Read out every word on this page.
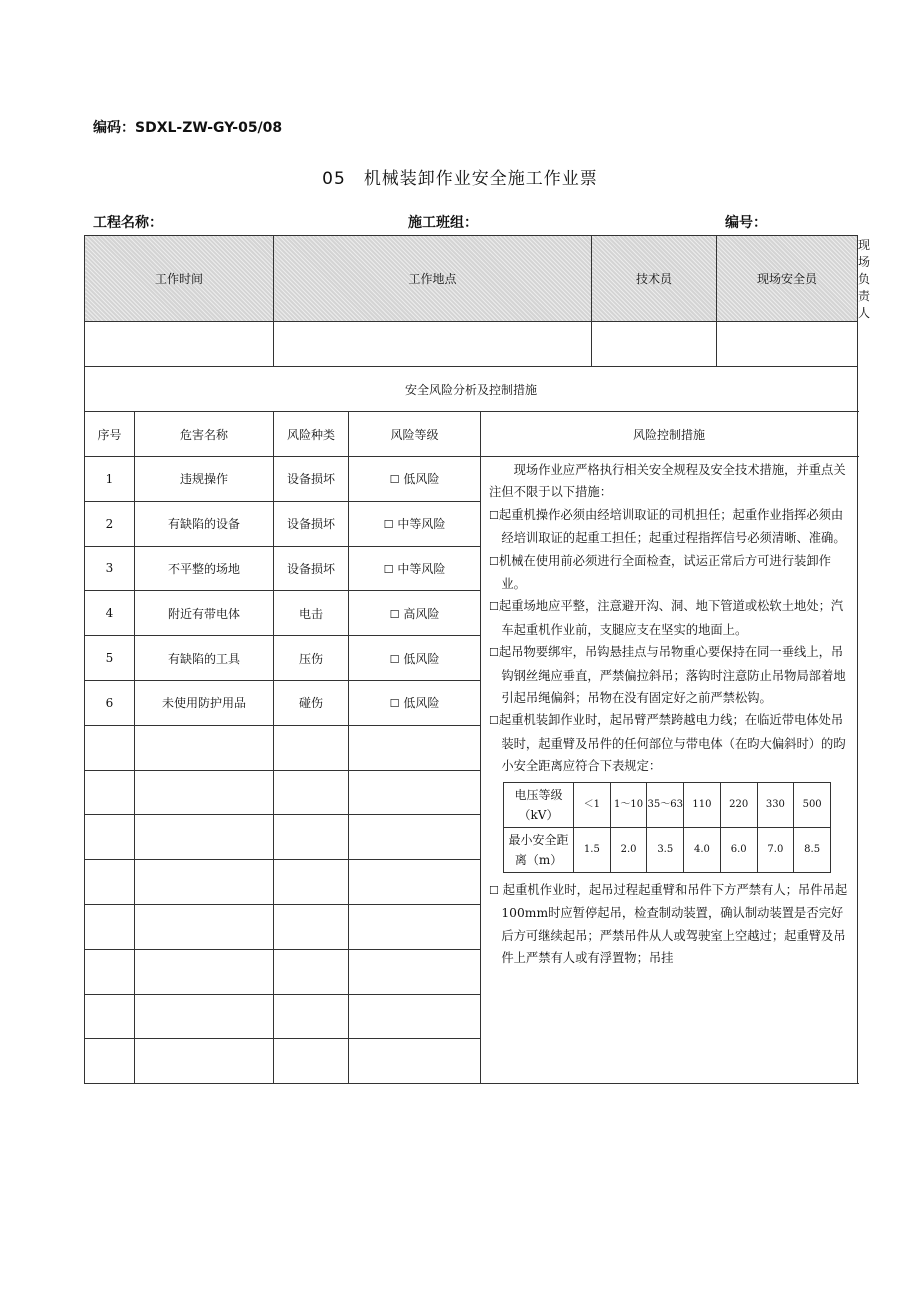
编码：SDXL-ZW-GY-05/08
05 机械装卸作业安全施工作业票
工程名称：	施工班组：	编号：
工作时间	工作地点	技术员	现场安全员	现场负责人

安全风险分析及控制措施
序号	危害名称	风险种类	风险等级	风险控制措施
1	违规操作	设备损坏	☐ 低风险	

现场作业应严格执行相关安全规程及安全技术措施，并重点关注但不限于以下措施：

☐起重机操作必须由经培训取证的司机担任；起重作业指挥必须由经培训取证的起重工担任；起重过程指挥信号必须清晰、准确。

☐机械在使用前必须进行全面检查，试运正常后方可进行装卸作业。

☐起重场地应平整，注意避开沟、洞、地下管道或松软土地处；汽车起重机作业前，支腿应支在坚实的地面上。

☐起吊物要绑牢，吊钩悬挂点与吊物重心要保持在同一垂线上，吊钩钢丝绳应垂直，严禁偏拉斜吊；落钩时注意防止吊物局部着地引起吊绳偏斜；吊物在没有固定好之前严禁松钩。

☐起重机装卸作业时，起吊臂严禁跨越电力线；在临近带电体处吊装时，起重臂及吊件的任何部位与带电体（在昀大偏斜时）的昀小安全距离应符合下表规定：

电压等级（kV）	＜1	1～10	35～63	110	220	330	500
最小安全距离（m）	1.5	2.0	3.5	4.0	6.0	7.0	8.5

☐ 起重机作业时，起吊过程起重臂和吊件下方严禁有人；吊件吊起 100mm时应暂停起吊，检查制动装置，确认制动装置是否完好后方可继续起吊；严禁吊件从人或驾驶室上空越过；起重臂及吊件上严禁有人或有浮置物；吊挂

2	有缺陷的设备	设备损坏	☐ 中等风险
3	不平整的场地	设备损坏	☐ 中等风险
4	附近有带电体	电击	☐ 高风险
5	有缺陷的工具	压伤	☐ 低风险
6	未使用防护用品	碰伤	☐ 低风险
